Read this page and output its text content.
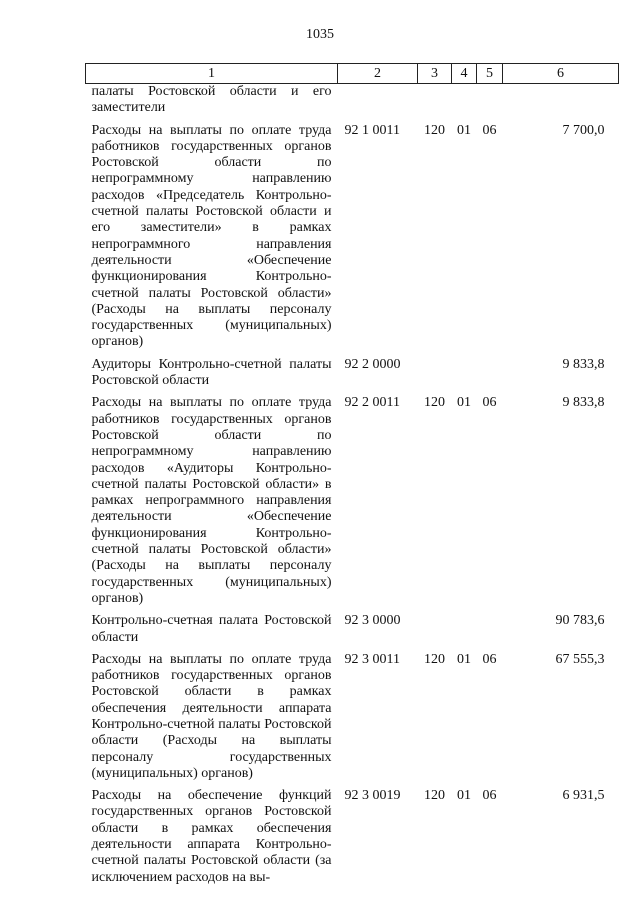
1035
1	2	3	4	5	6
палаты Ростовской области и его заместители					
Расходы на выплаты по оплате труда работников государственных органов Ростовской области по непрограммному направлению расходов «Председатель Контрольно-счетной палаты Ростовской области и его заместители» в рамках непрограммного направления деятельности «Обеспечение функционирования Контрольно-счетной палаты Ростовской области» (Расходы на выплаты персоналу государственных (муниципальных) органов)	92 1 0011	120	01	06	7 700,0
Аудиторы Контрольно-счетной палаты Ростовской области	92 2 0000				9 833,8
Расходы на выплаты по оплате труда работников государственных органов Ростовской области по непрограммному направлению расходов «Аудиторы Контрольно-счетной палаты Ростовской области» в рамках непрограммного направления деятельности «Обеспечение функционирования Контрольно-счетной палаты Ростовской области» (Расходы на выплаты персоналу государственных (муниципальных) органов)	92 2 0011	120	01	06	9 833,8
Контрольно-счетная палата Ростовской области	92 3 0000				90 783,6
Расходы на выплаты по оплате труда работников государственных органов Ростовской области в рамках обеспечения деятельности аппарата Контрольно-счетной палаты Ростовской области (Расходы на выплаты персоналу государственных (муниципальных) органов)	92 3 0011	120	01	06	67 555,3
Расходы на обеспечение функций государственных органов Ростовской области в рамках обеспечения деятельности аппарата Контрольно-счетной палаты Ростовской области (за исключением расходов на вы-	92 3 0019	120	01	06	6 931,5
